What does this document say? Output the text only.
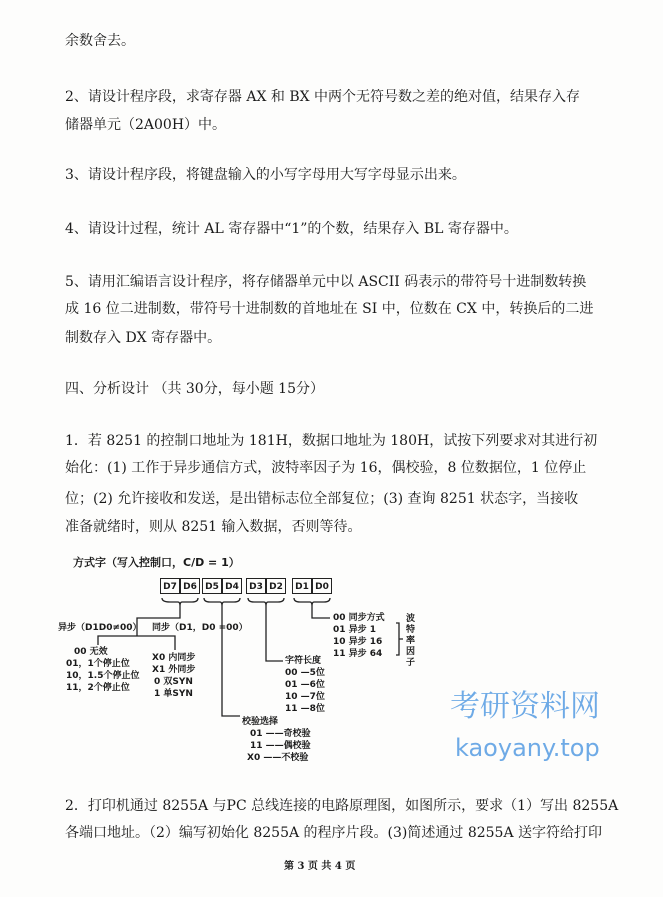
考研资料网
kaoyany.top
余数舍去。
2、请设计程序段，求寄存器 AX 和 BX 中两个无符号数之差的绝对值，结果存入存
储器单元（2A00H）中。
3、请设计程序段，将键盘输入的小写字母用大写字母显示出来。
4、请设计过程，统计 AL 寄存器中“1”的个数，结果存入 BL 寄存器中。
5、请用汇编语言设计程序，将存储器单元中以 ASCII 码表示的带符号十进制数转换
成 16 位二进制数，带符号十进制数的首地址在 SI 中，位数在 CX 中，转换后的二进
制数存入 DX 寄存器中。
四、分析设计 （共 30分，每小题 15分）
1．若 8251 的控制口地址为 181H，数据口地址为 180H，试按下列要求对其进行初
始化：(1) 工作于异步通信方式，波特率因子为 16，偶校验，8 位数据位，1 位停止
位；(2) 允许接收和发送，是出错标志位全部复位；(3) 查询 8251 状态字，当接收
准备就绪时，则从 8251 输入数据，否则等待。
方式字（写入控制口，C/D = 1）
D7 D6 D5 D4	D3 D2	D1 D0
异步（D1D0≠00） 同步（D1，D0 =00）
00 无效
01，1个停止位
10，1.5个停止位
11，2个停止位
X0 内同步
X1 外同步
0 双SYN
1 单SYN
字符长度
00 —5位
01 —6位
10 —7位
11 —8位
校验选择
01 ——奇校验
11 ——偶校验
X0 ——不校验
00 同步方式
01 异步 1
10 异步 16
11 异步 64
波特率因子
2．打印机通过 8255A 与PC 总线连接的电路原理图，如图所示，要求（1）写出 8255A
各端口地址。（2）编写初始化 8255A 的程序片段。(3)简述通过 8255A 送字符给打印
第 3 页 共 4 页
